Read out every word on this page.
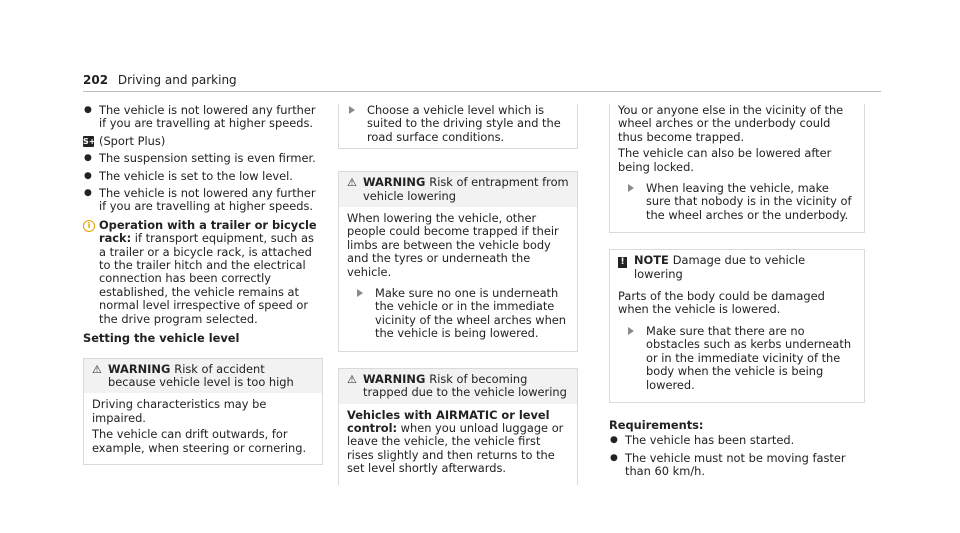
202 Driving and parking
● The vehicle is not lowered any further if you are travelling at higher speeds.
S+ (Sport Plus)
● The suspension setting is even firmer.
● The vehicle is set to the low level.
● The vehicle is not lowered any further if you are travelling at higher speeds.
i Operation with a trailer or bicycle rack: if transport equipment, such as a trailer or a bicycle rack, is attached to the trailer hitch and the electrical connection has been correctly established, the vehicle remains at normal level irrespective of speed or the drive program selected.
Setting the vehicle level
⚠ WARNING Risk of accident because vehicle level is too high

Driving characteristics may be impaired.

The vehicle can drift outwards, for example, when steering or cornering.

Choose a vehicle level which is suited to the driving style and the road surface conditions.
⚠ WARNING Risk of entrapment from vehicle lowering

When lowering the vehicle, other people could become trapped if their limbs are between the vehicle body and the tyres or underneath the vehicle.

Make sure no one is underneath the vehicle or in the immediate vicinity of the wheel arches when the vehicle is being lowered.
⚠ WARNING Risk of becoming trapped due to the vehicle lowering

Vehicles with AIRMATIC or level control: when you unload luggage or leave the vehicle, the vehicle first rises slightly and then returns to the set level shortly afterwards.

You or anyone else in the vicinity of the wheel arches or the underbody could thus become trapped.

The vehicle can also be lowered after being locked.

When leaving the vehicle, make sure that nobody is in the vicinity of the wheel arches or the underbody.
! NOTE Damage due to vehicle lowering

Parts of the body could be damaged when the vehicle is lowered.

Make sure that there are no obstacles such as kerbs underneath or in the immediate vicinity of the body when the vehicle is being lowered.
Requirements:
● The vehicle has been started.
● The vehicle must not be moving faster than 60 km/h.
